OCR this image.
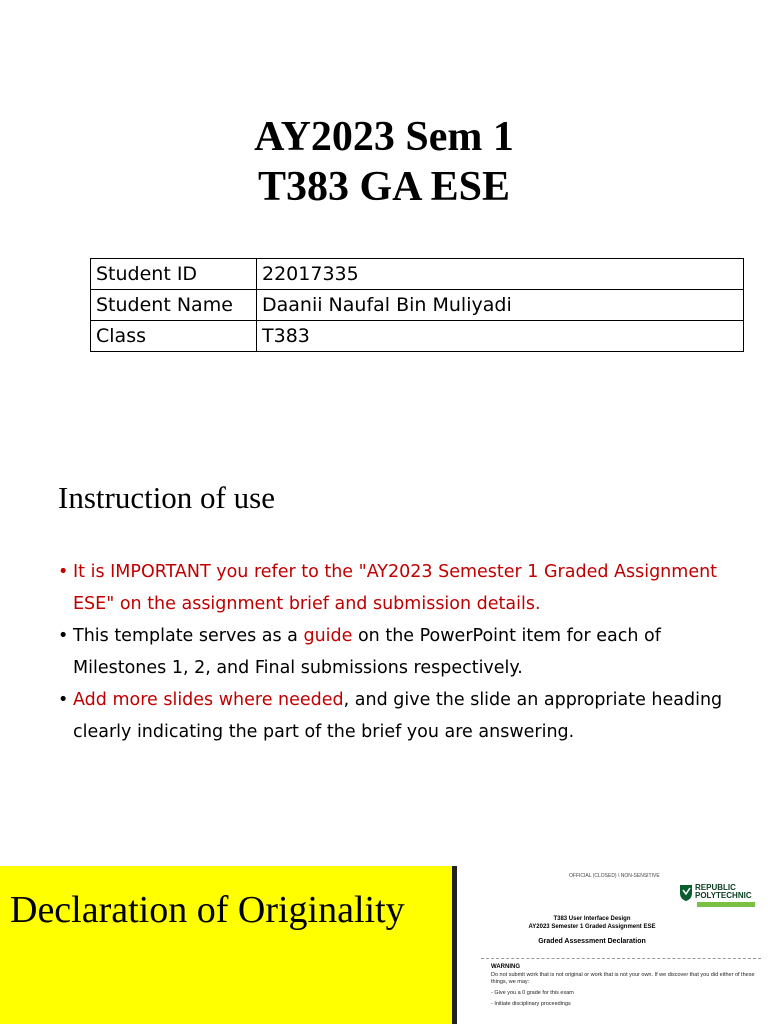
AY2023 Sem 1
T383 GA ESE
Student ID	22017335
Student Name	Daanii Naufal Bin Muliyadi
Class	T383
Instruction of use
• It is IMPORTANT you refer to the "AY2023 Semester 1 Graded Assignment ESE" on the assignment brief and submission details.
• This template serves as a guide on the PowerPoint item for each of Milestones 1, 2, and Final submissions respectively.
• Add more slides where needed, and give the slide an appropriate heading clearly indicating the part of the brief you are answering.
Declaration of Originality
OFFICIAL (CLOSED) \ NON-SENSITIVE
REPUBLIC
POLYTECHNIC
T383 User Interface Design
AY2023 Semester 1 Graded Assignment ESE
Graded Assessment Declaration
WARNING
Do not submit work that is not original or work that is not your own. If we discover that you did either of these things, we may:
- Give you a 0 grade for this exam
- Initiate disciplinary proceedings
